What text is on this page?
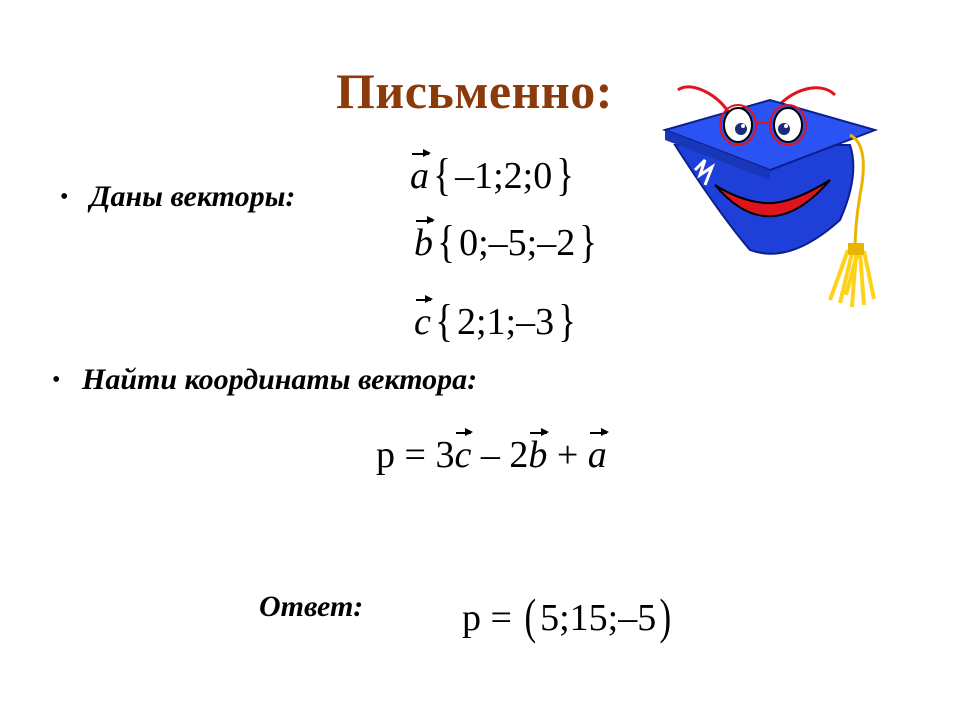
Письменно:
• Даны векторы:	a{ –1;2;0}
b{ 0;–5;–2}
c{ 2;1;–3}
• Найти координаты вектора:
p = 3c – 2b + a
Ответ:	p = (5;15;–5)
